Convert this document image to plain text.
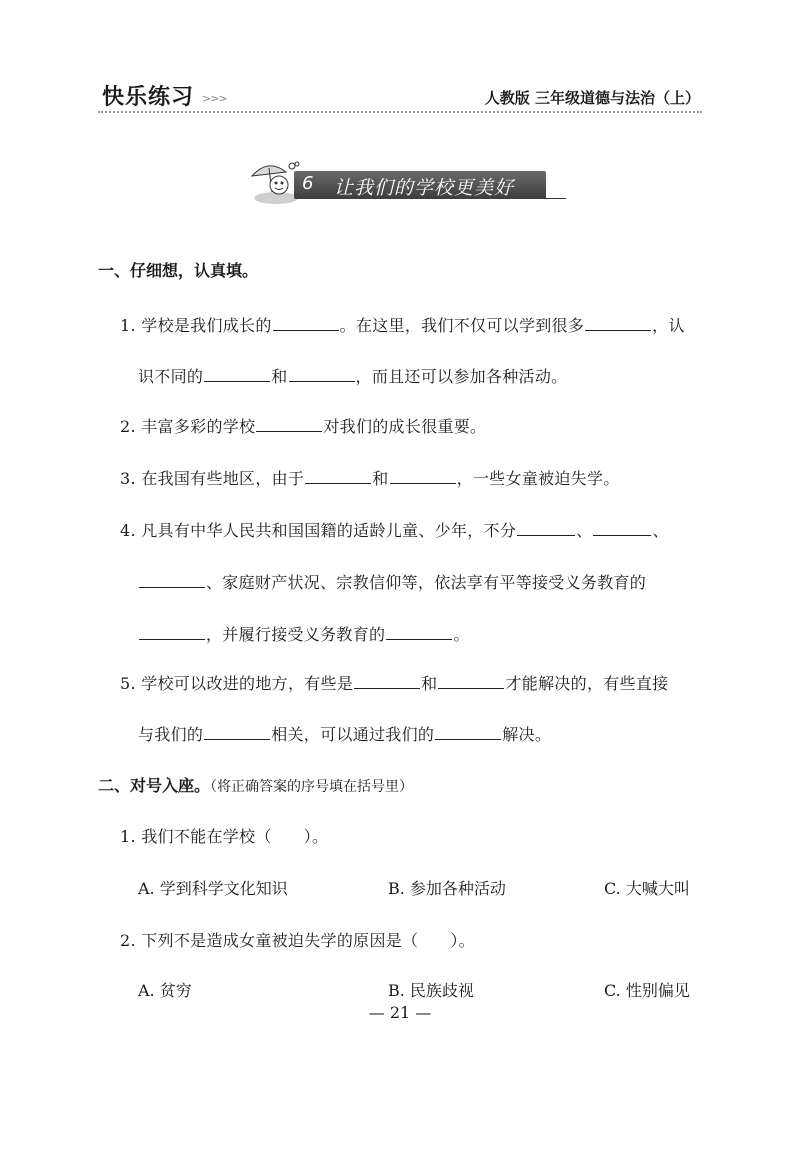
快乐练习 >>>	人教版 三年级道德与法治（上）
6 让我们的学校更美好
一、仔细想，认真填。
1. 学校是我们成长的	。在这里，我们不仅可以学到很多	，认
识不同的	和	，而且还可以参加各种活动。
2. 丰富多彩的学校	对我们的成长很重要。
3. 在我国有些地区，由于	和	，一些女童被迫失学。
4. 凡具有中华人民共和国国籍的适龄儿童、少年，不分	、	、
、家庭财产状况、宗教信仰等，依法享有平等接受义务教育的
，并履行接受义务教育的	。
5. 学校可以改进的地方，有些是	和	才能解决的，有些直接
与我们的	相关，可以通过我们的	解决。
二、对号入座。（将正确答案的序号填在括号里）
1. 我们不能在学校（ ）。
A. 学到科学文化知识	B. 参加各种活动	C. 大喊大叫
2. 下列不是造成女童被迫失学的原因是（ ）。
A. 贫穷	B. 民族歧视	C. 性别偏见
— 21 —
